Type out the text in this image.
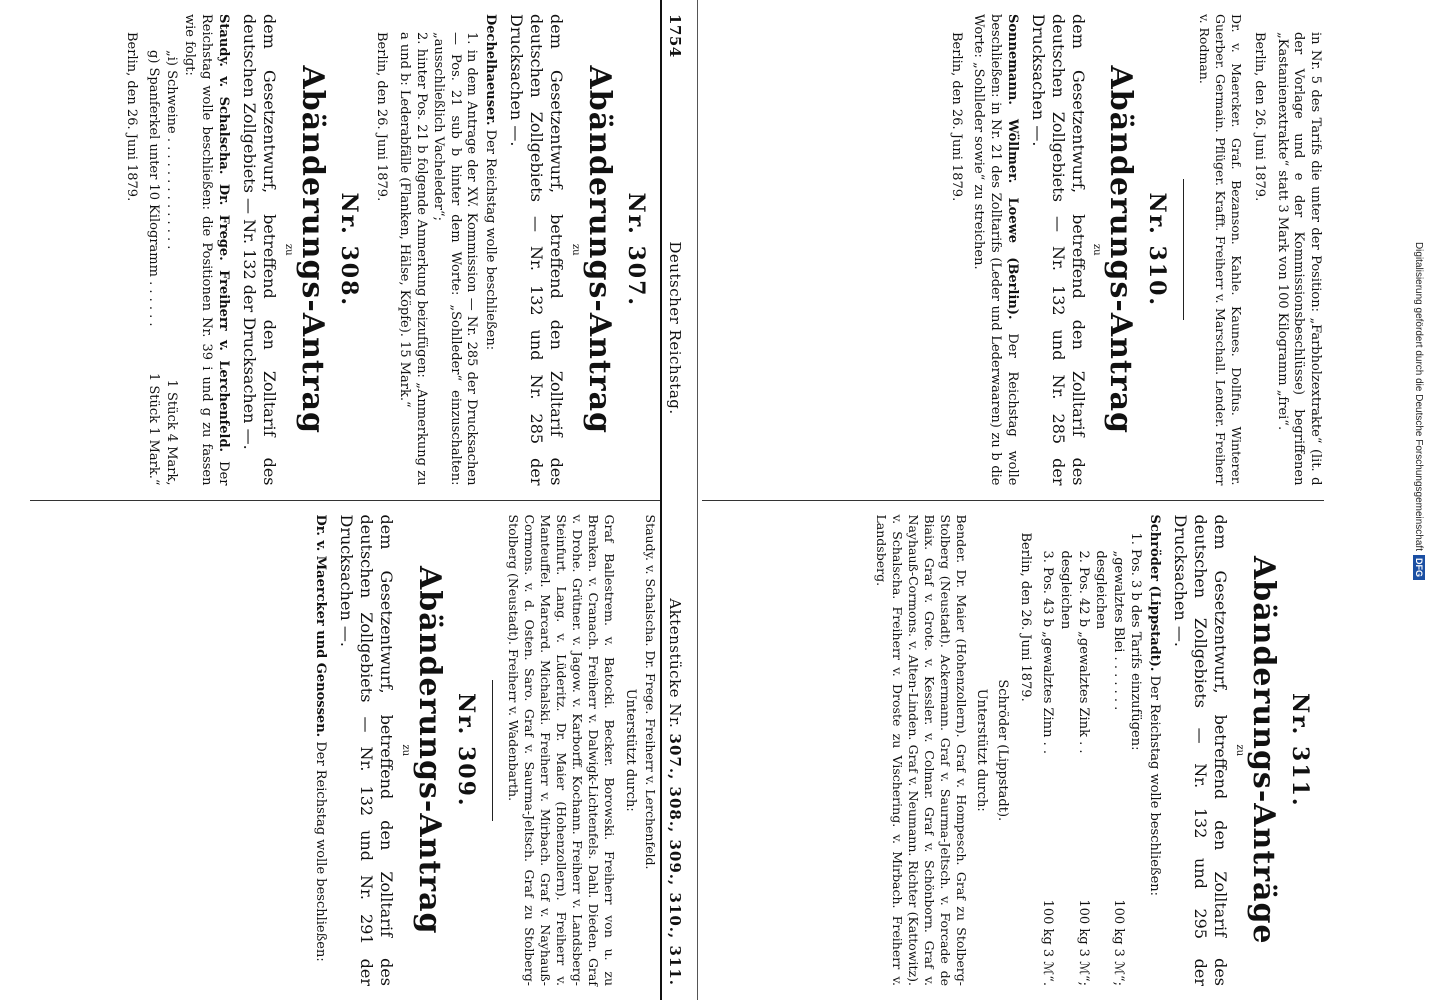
1754
Deutscher Reichstag.
Aktenstücke Nr. 307., 308., 309., 310., 311.
Nr. 307.
Abänderungs-Antrag
zu
dem Gesetzentwurf, betreffend den Zolltarif des deutschen Zollgebiets — Nr. 132 und Nr. 285 der Drucksachen —.
Dechelhaeuser. Der Reichstag wolle beschließen:
1. in dem Antrage der XV. Kommission — Nr. 285 der Drucksachen — Pos. 21 sub b hinter dem Worte: „Sohlleder“ einzuschalten: „ausschließlich Vacheleder“;
2. hinter Pos. 21 b folgende Anmerkung beizufügen: „Anmerkung zu a und b: Lederabfälle (Flanken, Hälse, Köpfe). 15 Mark.“
Berlin, den 26. Juni 1879.
Nr. 308.
Abänderungs-Antrag
zu
dem Gesetzentwurf, betreffend den Zolltarif des deutschen Zollgebiets — Nr. 132 der Drucksachen —.
Staudy. v. Schalscha. Dr. Frege. Freiherr v. Lerchenfeld. Der Reichstag wolle beschließen: die Positionen Nr. 39 i und g zu fassen wie folgt:
„i) Schweine . . . . . . . . . . . . . .
1 Stück 4 Mark,
g) Spanferkel unter 10 Kilogramm . . . . . .
1 Stück 1 Mark.“
Berlin, den 26. Juni 1879.
Staudy. v. Schalscha. Dr. Frege. Freiherr v. Lerchenfeld.
Unterstützt durch:
Graf Ballestrem. v. Batocki. Becker. Borowski. Freiherr von u. zu Brenken. v. Cranach. Freiherr v. Dalwigk-Lichtenfels. Dahl. Dieden. Graf v. Drohe. Grütner. v. Jagow. v. Karborff. Kochann. Freiherr v. Landsberg-Steinfurt. Lang. v. Lüderitz. Dr. Maier (Hohenzollern). Freiherr v. Manteuffel. Marcard. Michalski. Freiherr v. Mirbach. Graf v. Nayhauß-Cormons. v. d. Osten. Saro. Graf v. Saurma-Jeltsch. Graf zu Stolberg-Stolberg (Neustadt). Freiherr v. Wadenbarth.
Nr. 309.
Abänderungs-Antrag
zu
dem Gesetzentwurf, betreffend den Zolltarif des deutschen Zollgebiets — Nr. 132 und Nr. 291 der Drucksachen —.
Dr. v. Maercker und Genossen. Der Reichstag wolle beschließen:
in Nr. 5 des Tarifs die unter der Position: „Farbholzextrakte“ (lit. d der Vorlage und e der Kommissionsbeschlüsse) begriffenen „Kastanienextrakte“ statt 3 Mark von 100 Kilogramm „frei“.
Berlin, den 26. Juni 1879.
Dr. v. Maercker. Graf. Bezanson. Kahle. Kaunes. Dollfus. Winterer. Guerber. Germain. Pflüger. Krafft. Freiherr v. Marschall. Lender. Freiherr v. Rodman.
Nr. 310.
Abänderungs-Antrag
zu
dem Gesetzentwurf, betreffend den Zolltarif des deutschen Zollgebiets — Nr. 132 und Nr. 285 der Drucksachen —.
Sonnemann. Wöllmer. Loewe (Berlin). Der Reichstag wolle beschließen: in Nr. 21 des Zolltarifs (Leder und Lederwaaren) zu b die Worte: „Sohlleder sowie“ zu streichen.
Berlin, den 26. Juni 1879.
Nr. 311.
Abänderungs-Anträge
zu
dem Gesetzentwurf, betreffend den Zolltarif des deutschen Zollgebiets — Nr. 132 und 295 der Drucksachen —.
Schröder (Lippstadt). Der Reichstag wolle beschließen:
1. Pos. 3 b des Tarifs einzufügen:
„gewalztes Blei . . . . . . .
100 kg 3 ℳ“;
desgleichen
2. Pos. 42 b „gewalztes Zink . .
100 kg 3 ℳ“;
desgleichen
3. Pos. 43 b „gewalztes Zinn . .
100 kg 3 ℳ“.
Berlin, den 26. Juni 1879.
Schröder (Lippstadt).
Unterstützt durch:
Bender. Dr. Maier (Hohenzollern). Graf v. Hompesch. Graf zu Stolberg-Stolberg (Neustadt). Ackermann. Graf v. Saurma-Jeltsch. v. Forcade de Biaix. Graf v. Grote. v. Kessler. v. Colmar. Graf v. Schönborn. Graf v. Nayhauß-Cormons. v. Alten-Linden. Graf v. Neumann. Richter (Kattowitz). v. Schalscha. Freiherr v. Droste zu Vischering. v. Mirbach. Freiherr v. Landsberg.	Digitalisierung gefördert durch die Deutsche Forschungsgemeinschaft
DFG
